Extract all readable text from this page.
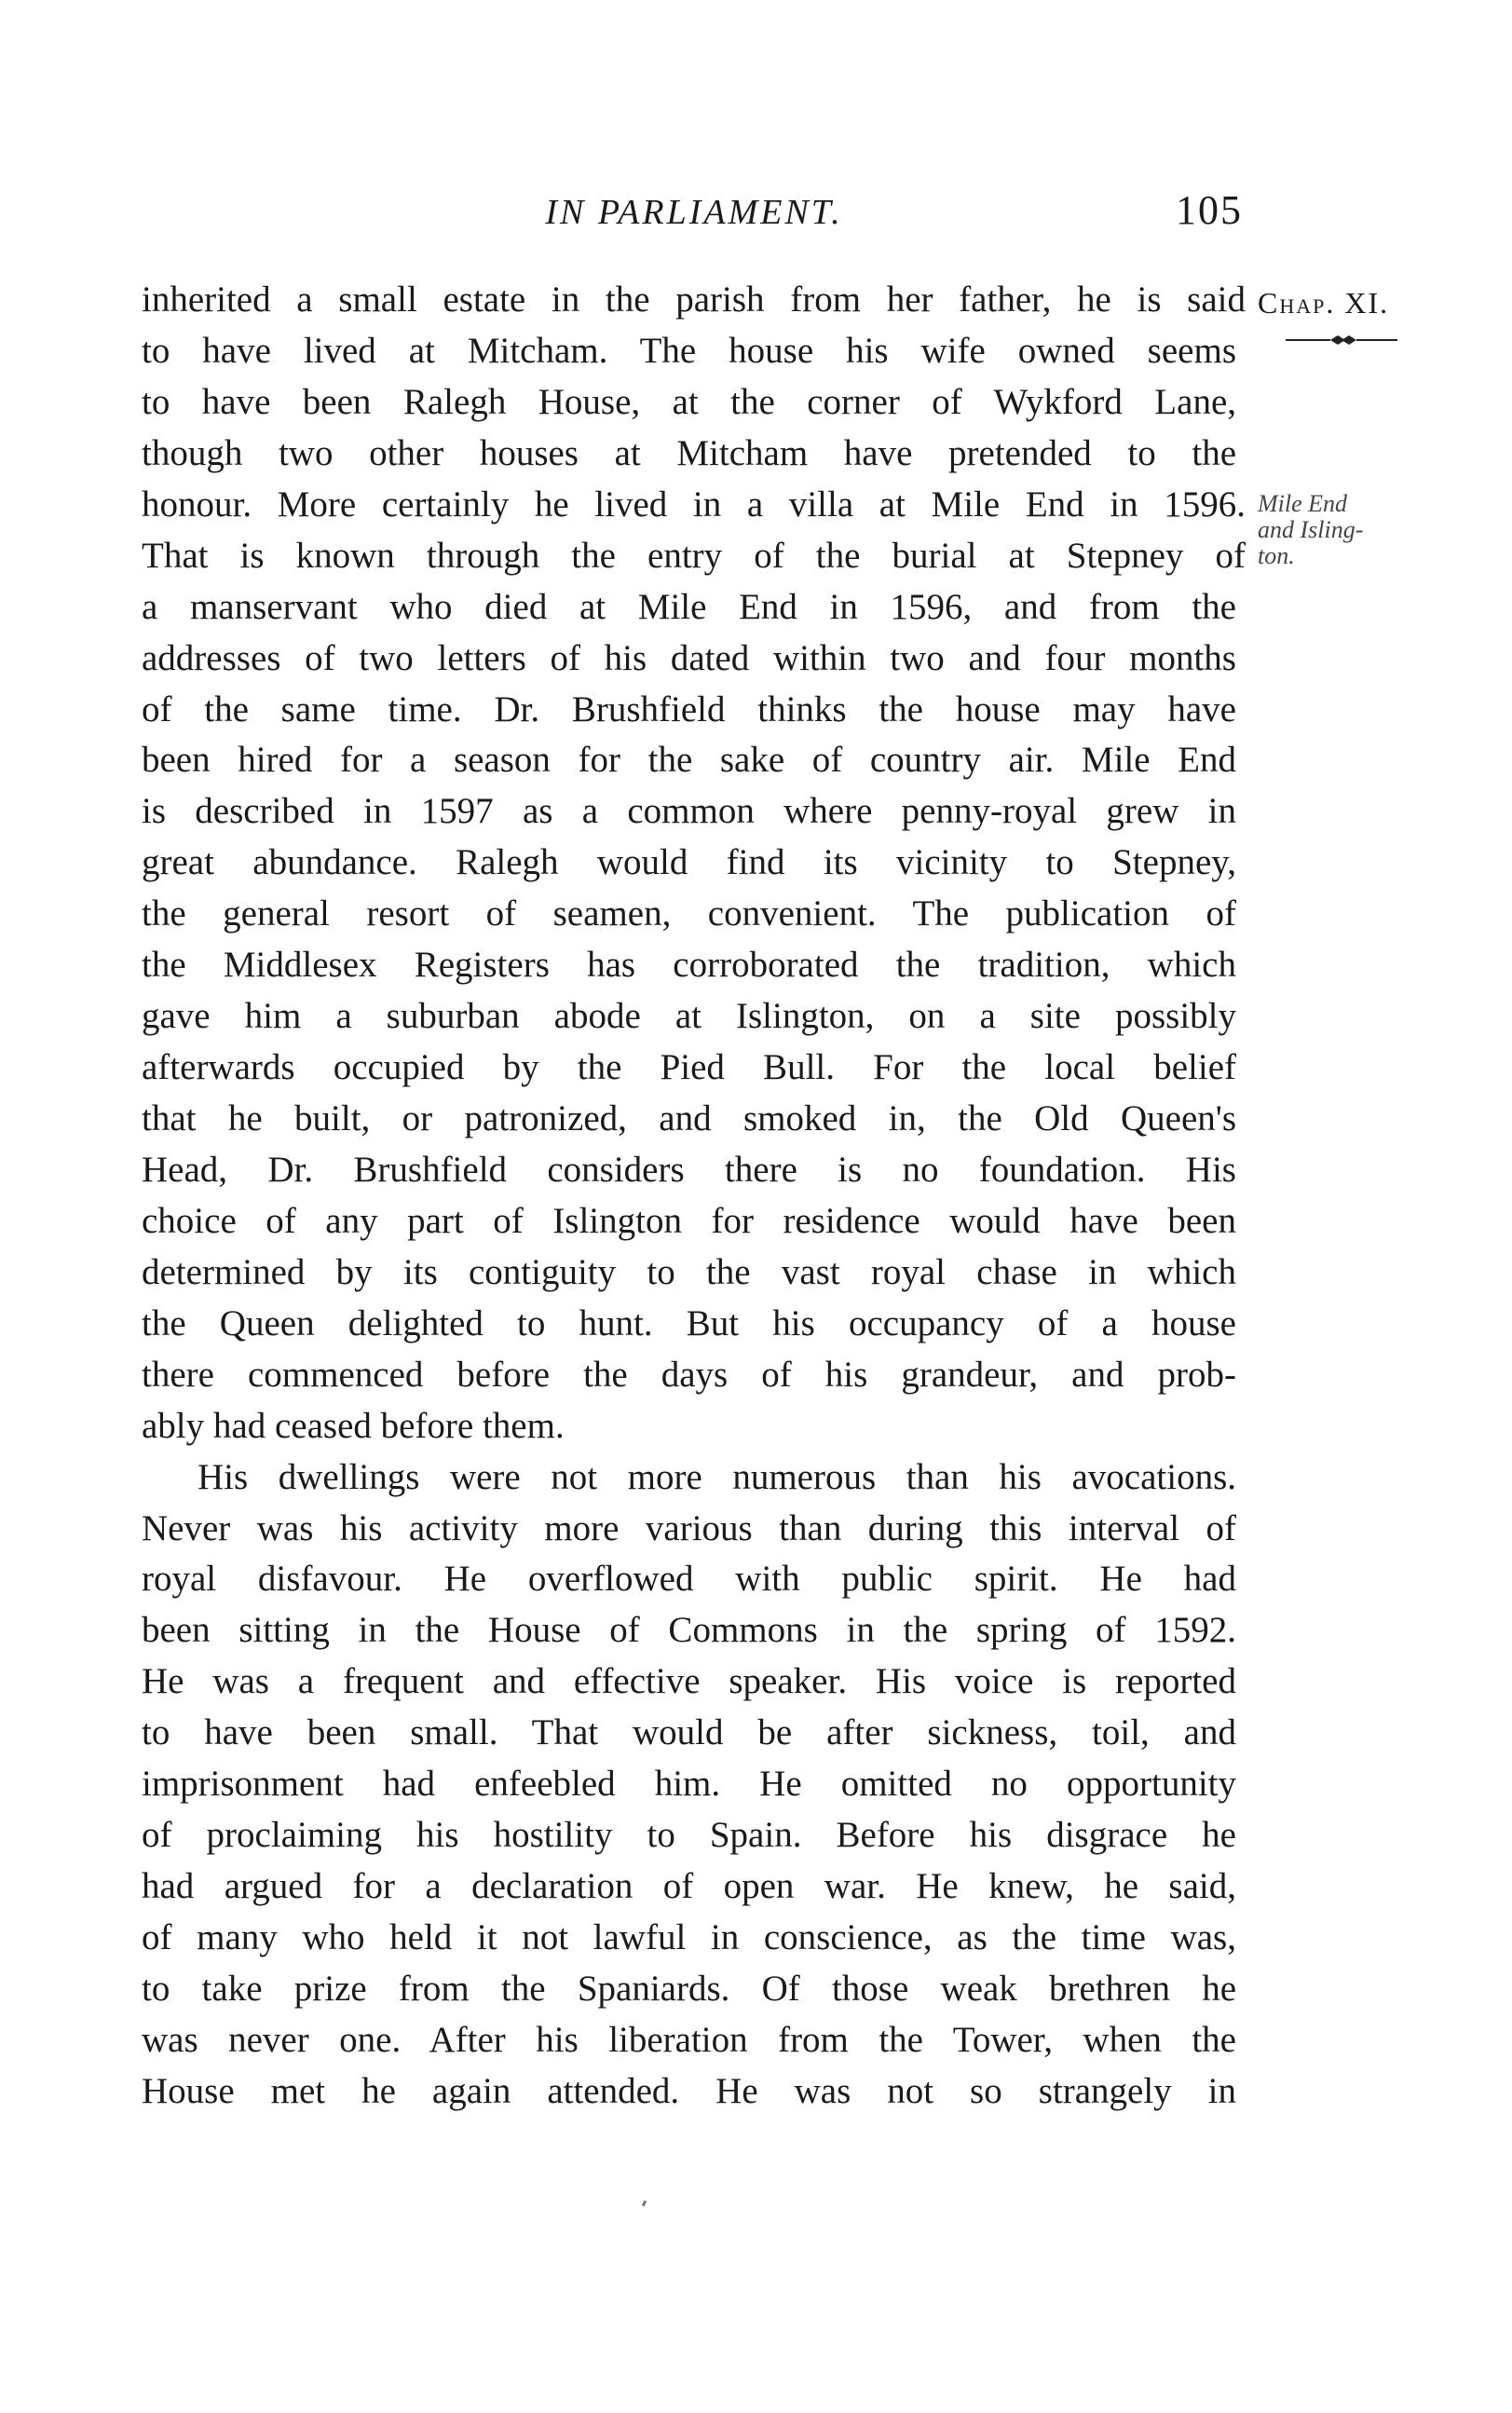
IN PARLIAMENT.	105
Chap. XI.
Mile End
and Isling-
ton.
inherited a small estate in the parish from her father, he is said
to have lived at Mitcham. The house his wife owned seems
to have been Ralegh House, at the corner of Wykford Lane,
though two other houses at Mitcham have pretended to the
honour. More certainly he lived in a villa at Mile End in 1596.
That is known through the entry of the burial at Stepney of
a manservant who died at Mile End in 1596, and from the
addresses of two letters of his dated within two and four months
of the same time. Dr. Brushfield thinks the house may have
been hired for a season for the sake of country air. Mile End
is described in 1597 as a common where penny-royal grew in
great abundance. Ralegh would find its vicinity to Stepney,
the general resort of seamen, convenient. The publication of
the Middlesex Registers has corroborated the tradition, which
gave him a suburban abode at Islington, on a site possibly
afterwards occupied by the Pied Bull. For the local belief
that he built, or patronized, and smoked in, the Old Queen's
Head, Dr. Brushfield considers there is no foundation. His
choice of any part of Islington for residence would have been
determined by its contiguity to the vast royal chase in which
the Queen delighted to hunt. But his occupancy of a house
there commenced before the days of his grandeur, and prob-
ably had ceased before them.
His dwellings were not more numerous than his avocations.
Never was his activity more various than during this interval of
royal disfavour. He overflowed with public spirit. He had
been sitting in the House of Commons in the spring of 1592.
He was a frequent and effective speaker. His voice is reported
to have been small. That would be after sickness, toil, and
imprisonment had enfeebled him. He omitted no opportunity
of proclaiming his hostility to Spain. Before his disgrace he
had argued for a declaration of open war. He knew, he said,
of many who held it not lawful in conscience, as the time was,
to take prize from the Spaniards. Of those weak brethren he
was never one. After his liberation from the Tower, when the
House met he again attended. He was not so strangely in
